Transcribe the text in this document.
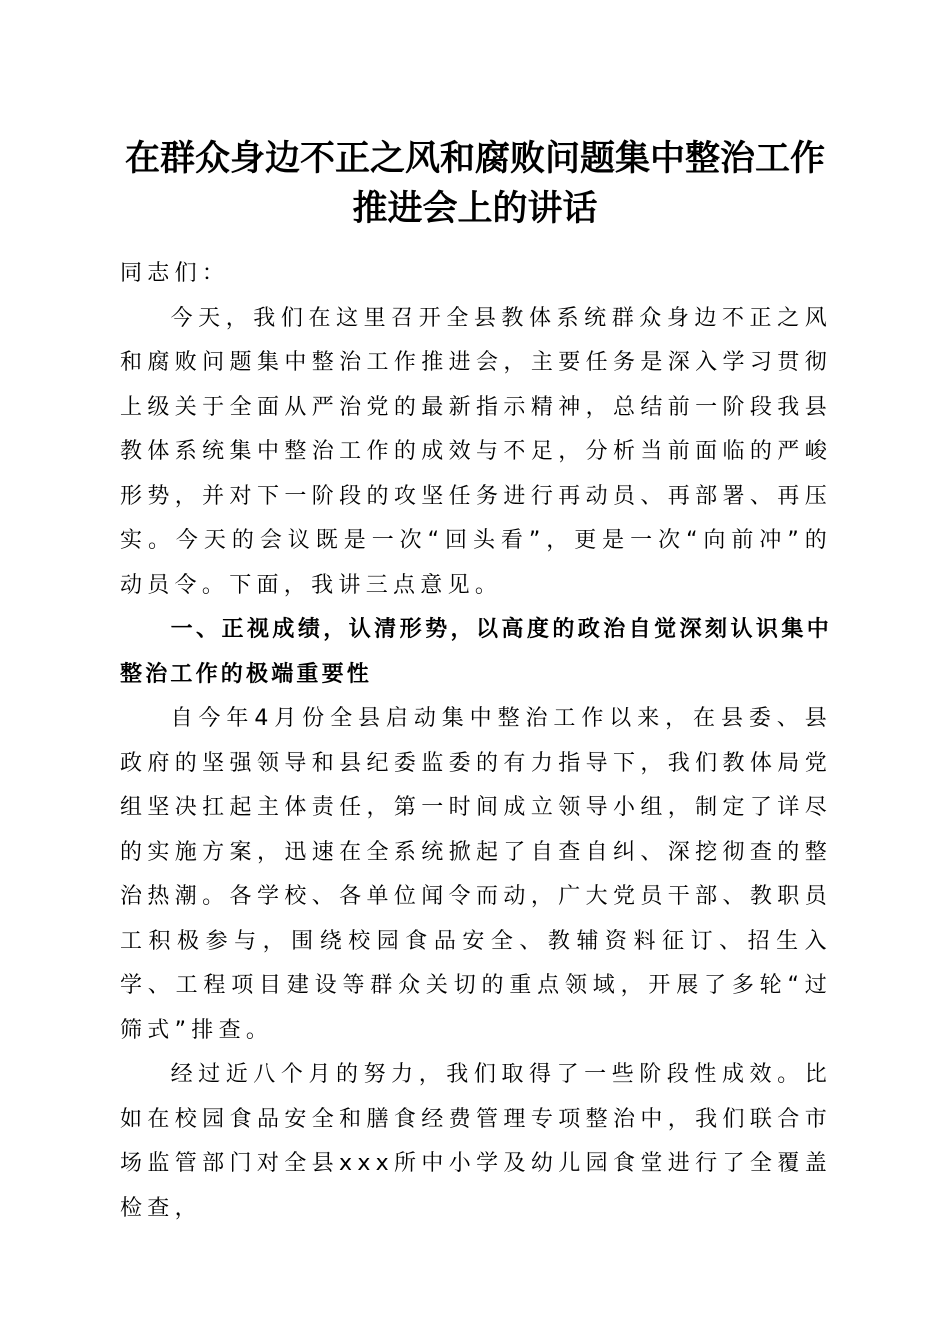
在群众身边不正之风和腐败问题集中整治工作
推进会上的讲话

同志们：

今天，我们在这里召开全县教体系统群众身边不正之风和腐败问题集中整治工作推进会，主要任务是深入学习贯彻上级关于全面从严治党的最新指示精神，总结前一阶段我县教体系统集中整治工作的成效与不足，分析当前面临的严峻形势，并对下一阶段的攻坚任务进行再动员、再部署、再压实。今天的会议既是一次“回头看”，更是一次“向前冲”的动员令。下面，我讲三点意见。

一、正视成绩，认清形势，以高度的政治自觉深刻认识集中整治工作的极端重要性

自今年4月份全县启动集中整治工作以来，在县委、县政府的坚强领导和县纪委监委的有力指导下，我们教体局党组坚决扛起主体责任，第一时间成立领导小组，制定了详尽的实施方案，迅速在全系统掀起了自查自纠、深挖彻查的整治热潮。各学校、各单位闻令而动，广大党员干部、教职员工积极参与，围绕校园食品安全、教辅资料征订、招生入学、工程项目建设等群众关切的重点领域，开展了多轮“过筛式”排查。

经过近八个月的努力，我们取得了一些阶段性成效。比如在校园食品安全和膳食经费管理专项整治中，我们联合市场监管部门对全县xxx所中小学及幼儿园食堂进行了全覆盖检查，
